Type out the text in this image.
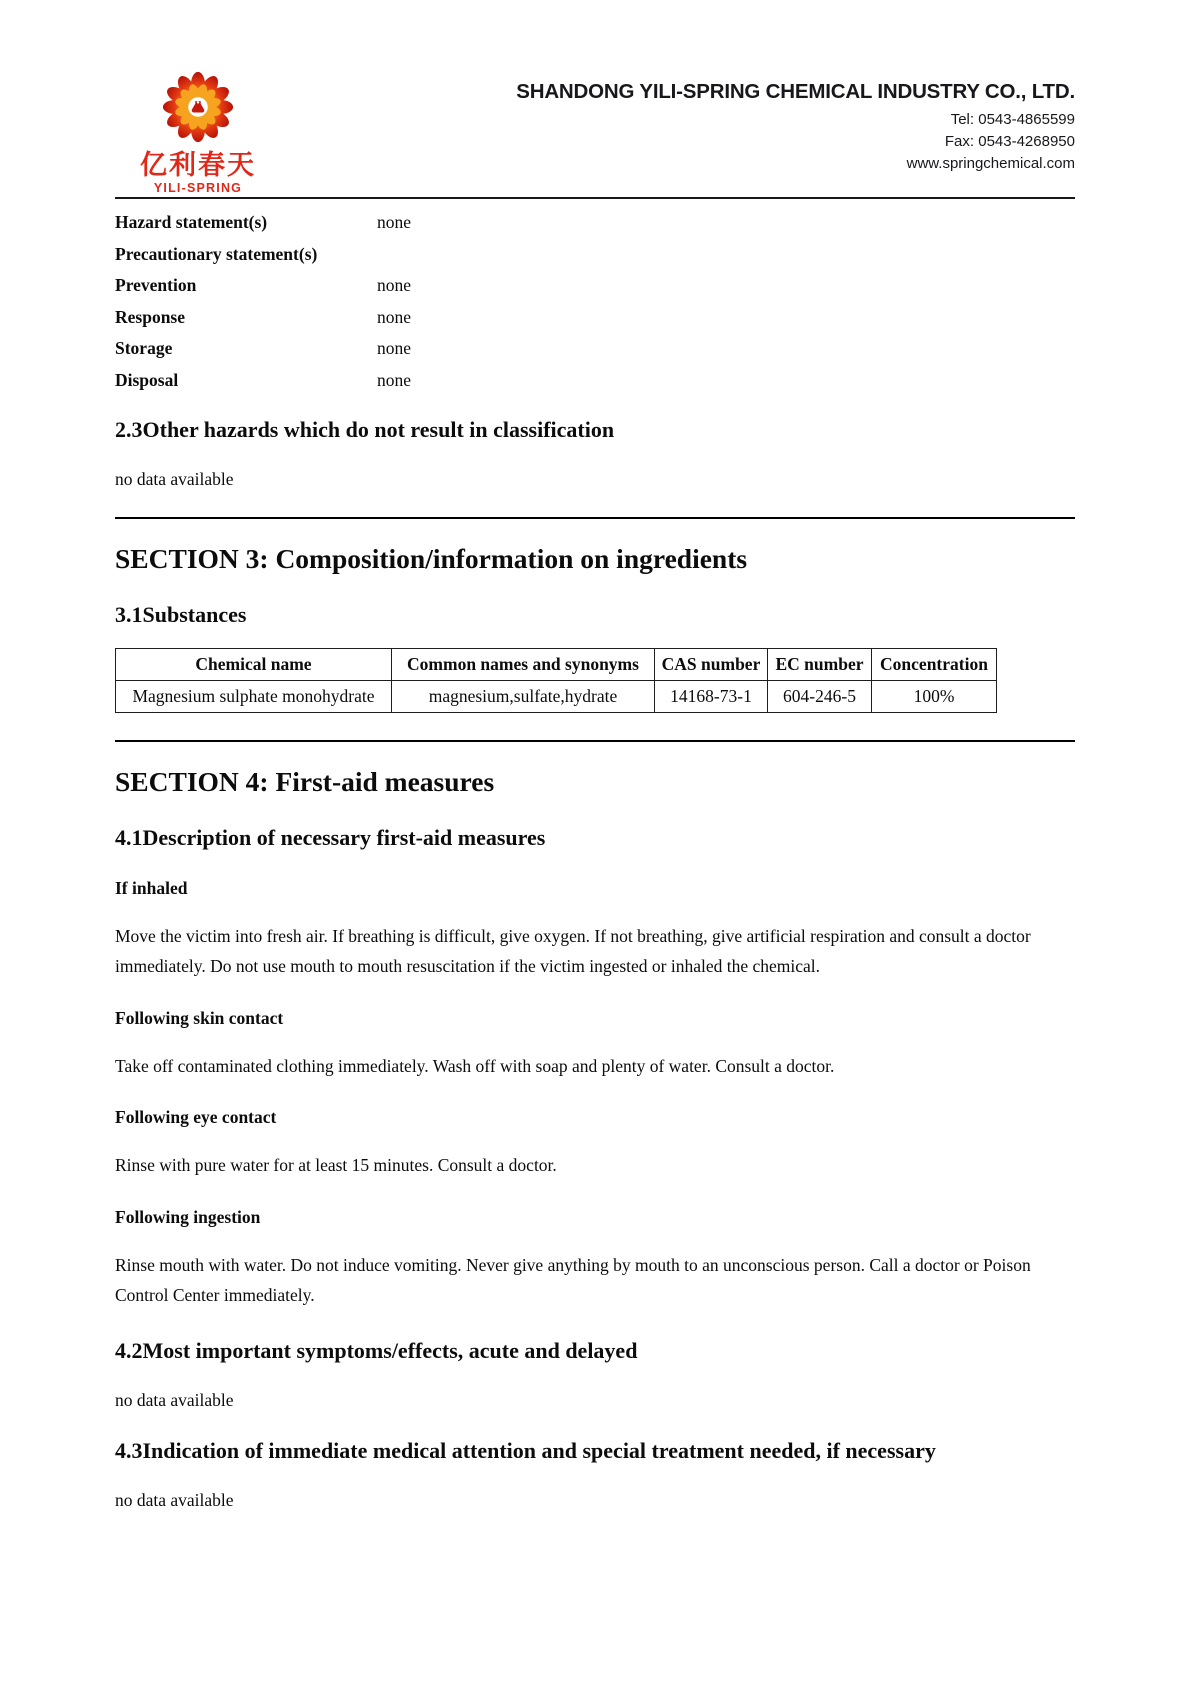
亿利春天
YILI-SPRING
SHANDONG YILI-SPRING CHEMICAL INDUSTRY CO., LTD.
Tel: 0543-4865599
Fax: 0543-4268950
www.springchemical.com
Hazard statement(s)	none
Precautionary statement(s)
Prevention	none
Response	none
Storage	none
Disposal	none
2.3Other hazards which do not result in classification
no data available
SECTION 3: Composition/information on ingredients
3.1Substances
Chemical name	Common names and synonyms	CAS number	EC number	Concentration
Magnesium sulphate monohydrate	magnesium,sulfate,hydrate	14168-73-1	604-246-5	100%
SECTION 4: First-aid measures
4.1Description of necessary first-aid measures
If inhaled
Move the victim into fresh air. If breathing is difficult, give oxygen. If not breathing, give artificial respiration and consult a doctor immediately. Do not use mouth to mouth resuscitation if the victim ingested or inhaled the chemical.
Following skin contact
Take off contaminated clothing immediately. Wash off with soap and plenty of water. Consult a doctor.
Following eye contact
Rinse with pure water for at least 15 minutes. Consult a doctor.
Following ingestion
Rinse mouth with water. Do not induce vomiting. Never give anything by mouth to an unconscious person. Call a doctor or Poison Control Center immediately.
4.2Most important symptoms/effects, acute and delayed
no data available
4.3Indication of immediate medical attention and special treatment needed, if necessary
no data available
